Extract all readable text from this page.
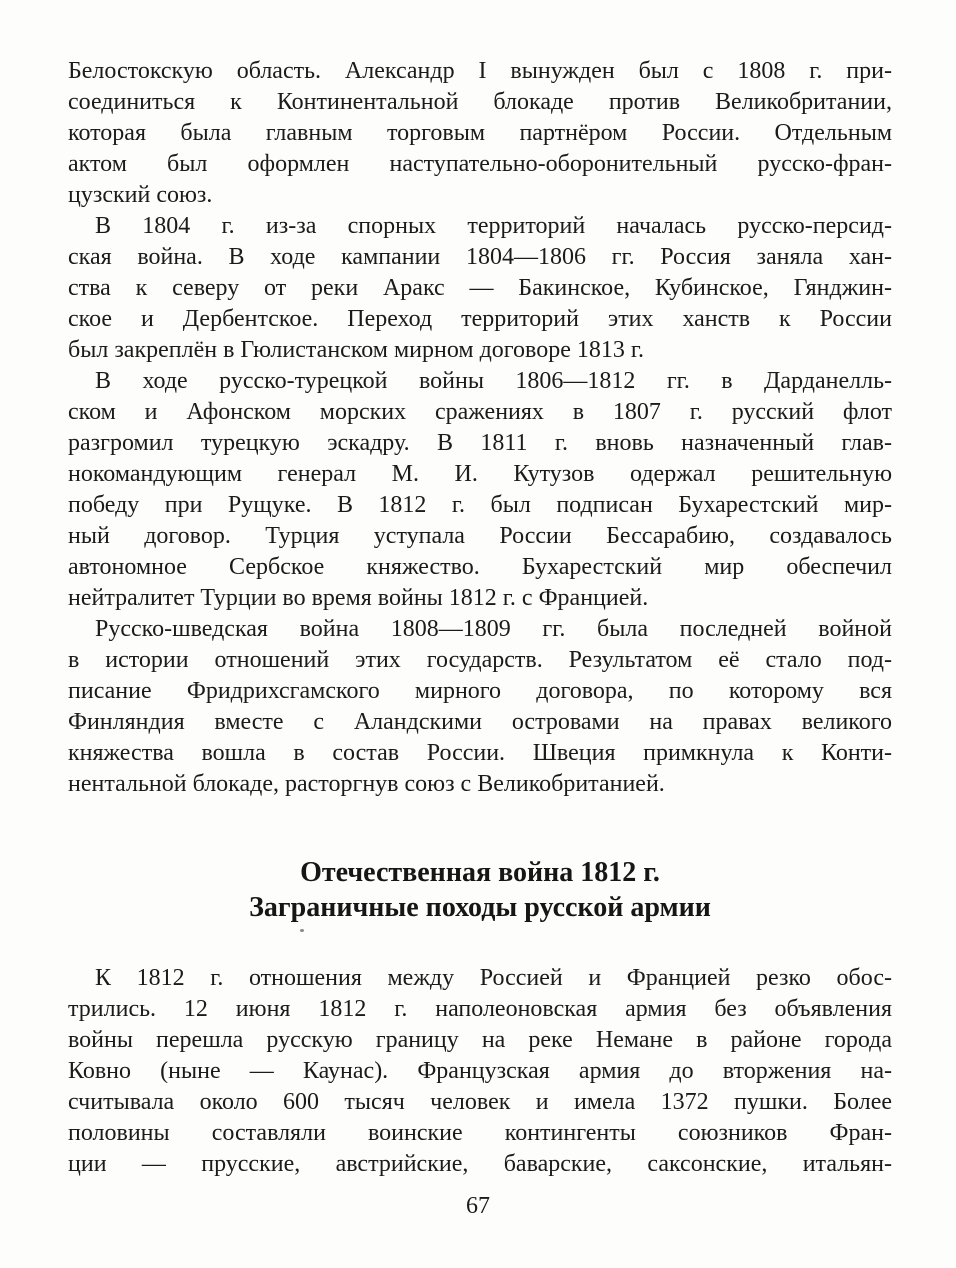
Белостокскую область. Александр I вынужден был с 1808 г. при-
соединиться к Континентальной блокаде против Великобритании,
которая была главным торговым партнёром России. Отдельным
актом был оформлен наступательно-оборонительный русско-фран-
цузский союз.

В 1804 г. из-за спорных территорий началась русско-персид-
ская война. В ходе кампании 1804—1806 гг. Россия заняла хан-
ства к северу от реки Аракс — Бакинское, Кубинское, Гянджин-
ское и Дербентское. Переход территорий этих ханств к России
был закреплён в Гюлистанском мирном договоре 1813 г.

В ходе русско-турецкой войны 1806—1812 гг. в Дарданелль-
ском и Афонском морских сражениях в 1807 г. русский флот
разгромил турецкую эскадру. В 1811 г. вновь назначенный глав-
нокомандующим генерал М. И. Кутузов одержал решительную
победу при Рущуке. В 1812 г. был подписан Бухарестский мир-
ный договор. Турция уступала России Бессарабию, создавалось
автономное Сербское княжество. Бухарестский мир обеспечил
нейтралитет Турции во время войны 1812 г. с Францией.

Русско-шведская война 1808—1809 гг. была последней войной
в истории отношений этих государств. Результатом её стало под-
писание Фридрихсгамского мирного договора, по которому вся
Финляндия вместе с Аландскими островами на правах великого
княжества вошла в состав России. Швеция примкнула к Конти-
нентальной блокаде, расторгнув союз с Великобританией.

Отечественная война 1812 г.
Заграничные походы русской армии

К 1812 г. отношения между Россией и Францией резко обос-
трились. 12 июня 1812 г. наполеоновская армия без объявления
войны перешла русскую границу на реке Немане в районе города
Ковно (ныне — Каунас). Французская армия до вторжения на-
считывала около 600 тысяч человек и имела 1372 пушки. Более
половины составляли воинские контингенты союзников Фран-
ции — прусские, австрийские, баварские, саксонские, итальян-

67
